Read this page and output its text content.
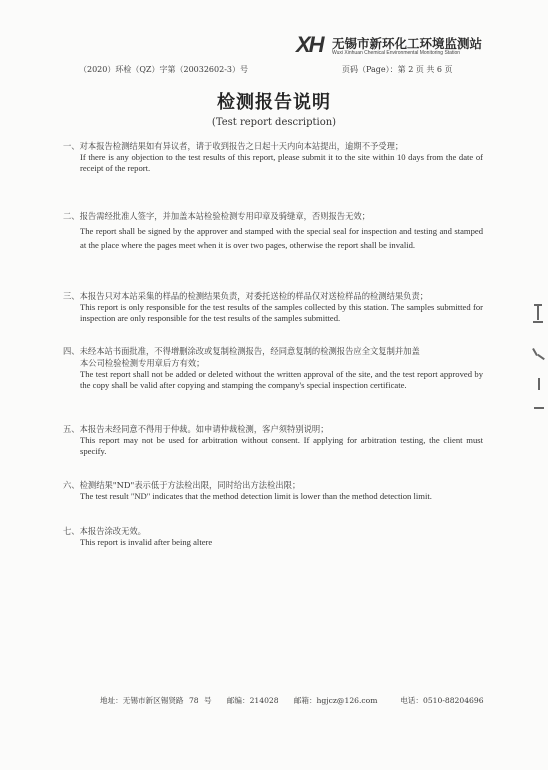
XH 无锡市新环化工环境监测站
Wuxi Xinhuan Chemical Environmental Monitoring Station
（2020）环检（QZ）字第（20032602-3）号	页码（Page）：第 2 页 共 6 页
检测报告说明
(Test report description)
一、对本报告检测结果如有异议者，请于收到报告之日起十天内向本站提出，逾期不予受理；
If there is any objection to the test results of this report, please submit it to the site within 10 days from the date of receipt of the report.
二、报告需经批准人签字，并加盖本站检验检测专用印章及骑缝章，否则报告无效；
The report shall be signed by the approver and stamped with the special seal for inspection and testing and stamped at the place where the pages meet when it is over two pages, otherwise the report shall be invalid.
三、本报告只对本站采集的样品的检测结果负责，对委托送检的样品仅对送检样品的检测结果负责；
This report is only responsible for the test results of the samples collected by this station. The samples submitted for inspection are only responsible for the test results of the samples submitted.
四、未经本站书面批准，不得增删涂改或复制检测报告，经同意复制的检测报告应全文复制并加盖
本公司检验检测专用章后方有效；
The test report shall not be added or deleted without the written approval of the site, and the test report approved by the copy shall be valid after copying and stamping the company's special inspection certificate.
五、本报告未经同意不得用于仲裁。如申请仲裁检测，客户须特别说明；
This report may not be used for arbitration without consent. If applying for arbitration testing, the client must specify.
六、检测结果"ND"表示低于方法检出限，同时给出方法检出限；
The test result "ND" indicates that the method detection limit is lower than the method detection limit.
七、本报告涂改无效。
This report is invalid after being altere
地址：无锡市新区锡贤路 78 号　　邮编：214028　　邮箱：hgjcz@126.com　　　电话：0510-88204696
